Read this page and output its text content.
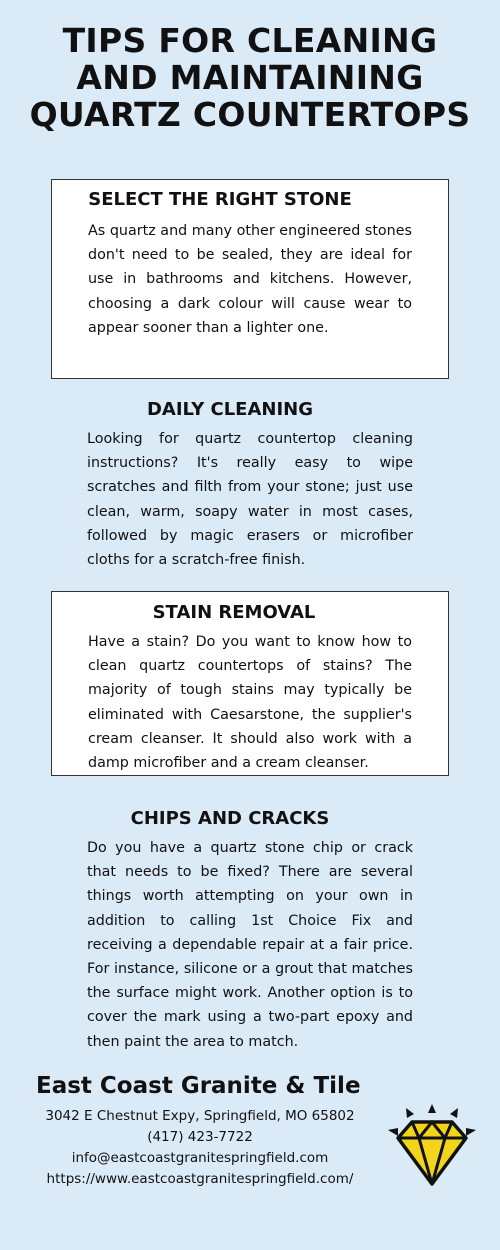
TIPS FOR CLEANING AND MAINTAINING QUARTZ COUNTERTOPS
SELECT THE RIGHT STONE

As quartz and many other engineered stones don't need to be sealed, they are ideal for use in bathrooms and kitchens. However, choosing a dark colour will cause wear to appear sooner than a lighter one.

DAILY CLEANING

Looking for quartz countertop cleaning instructions? It's really easy to wipe scratches and filth from your stone; just use clean, warm, soapy water in most cases, followed by magic erasers or microfiber cloths for a scratch-free finish.

STAIN REMOVAL

Have a stain? Do you want to know how to clean quartz countertops of stains? The majority of tough stains may typically be eliminated with Caesarstone, the supplier's cream cleanser. It should also work with a damp microfiber and a cream cleanser.

CHIPS AND CRACKS

Do you have a quartz stone chip or crack that needs to be fixed? There are several things worth attempting on your own in addition to calling 1st Choice Fix and receiving a dependable repair at a fair price. For instance, silicone or a grout that matches the surface might work. Another option is to cover the mark using a two-part epoxy and then paint the area to match.

East Coast Granite & Tile
3042 E Chestnut Expy, Springfield, MO 65802
(417) 423-7722
info@eastcoastgranitespringfield.com
https://www.eastcoastgranitespringfield.com/
